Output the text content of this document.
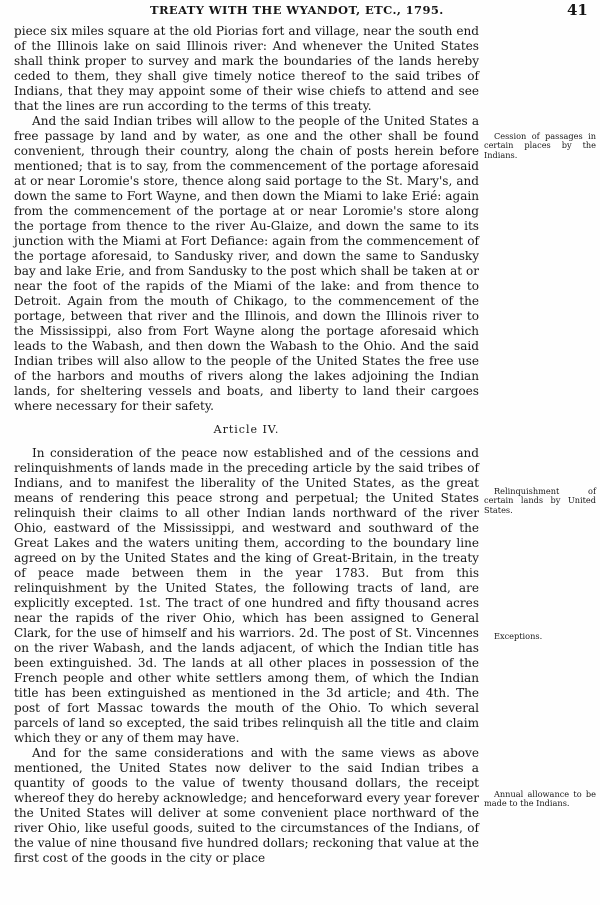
TREATY WITH THE WYANDOT, ETC., 1795.	41

piece six miles square at the old Piorias fort and village, near the south end of the Illinois lake on said Illinois river: And whenever the United States shall think proper to survey and mark the boundaries of the lands hereby ceded to them, they shall give timely notice thereof to the said tribes of Indians, that they may appoint some of their wise chiefs to attend and see that the lines are run according to the terms of this treaty.

And the said Indian tribes will allow to the people of the United States a free passage by land and by water, as one and the other shall be found convenient, through their country, along the chain of posts herein before mentioned; that is to say, from the commencement of the portage aforesaid at or near Loromie's store, thence along said portage to the St. Mary's, and down the same to Fort Wayne, and then down the Miami to lake Erié: again from the commencement of the portage at or near Loromie's store along the portage from thence to the river Au-Glaize, and down the same to its junction with the Miami at Fort Defiance: again from the commencement of the portage aforesaid, to Sandusky river, and down the same to Sandusky bay and lake Erie, and from Sandusky to the post which shall be taken at or near the foot of the rapids of the Miami of the lake: and from thence to Detroit. Again from the mouth of Chikago, to the commencement of the portage, between that river and the Illinois, and down the Illinois river to the Mississippi, also from Fort Wayne along the portage aforesaid which leads to the Wabash, and then down the Wabash to the Ohio. And the said Indian tribes will also allow to the people of the United States the free use of the harbors and mouths of rivers along the lakes adjoining the Indian lands, for sheltering vessels and boats, and liberty to land their cargoes where necessary for their safety.

Article IV.

In consideration of the peace now established and of the cessions and relinquishments of lands made in the preceding article by the said tribes of Indians, and to manifest the liberality of the United States, as the great means of rendering this peace strong and perpetual; the United States relinquish their claims to all other Indian lands northward of the river Ohio, eastward of the Mississippi, and westward and southward of the Great Lakes and the waters uniting them, according to the boundary line agreed on by the United States and the king of Great-Britain, in the treaty of peace made between them in the year 1783. But from this relinquishment by the United States, the following tracts of land, are explicitly excepted. 1st. The tract of one hundred and fifty thousand acres near the rapids of the river Ohio, which has been assigned to General Clark, for the use of himself and his warriors. 2d. The post of St. Vincennes on the river Wabash, and the lands adjacent, of which the Indian title has been extinguished. 3d. The lands at all other places in possession of the French people and other white settlers among them, of which the Indian title has been extinguished as mentioned in the 3d article; and 4th. The post of fort Massac towards the mouth of the Ohio. To which several parcels of land so excepted, the said tribes relinquish all the title and claim which they or any of them may have.

And for the same considerations and with the same views as above mentioned, the United States now deliver to the said Indian tribes a quantity of goods to the value of twenty thousand dollars, the receipt whereof they do hereby acknowledge; and henceforward every year forever the United States will deliver at some convenient place northward of the river Ohio, like useful goods, suited to the circumstances of the Indians, of the value of nine thousand five hundred dollars; reckoning that value at the first cost of the goods in the city or place

Cession of passages in certain places by the Indians.

Relinquishment of certain lands by United States.

Exceptions.

Annual allowance to be made to the Indians.
